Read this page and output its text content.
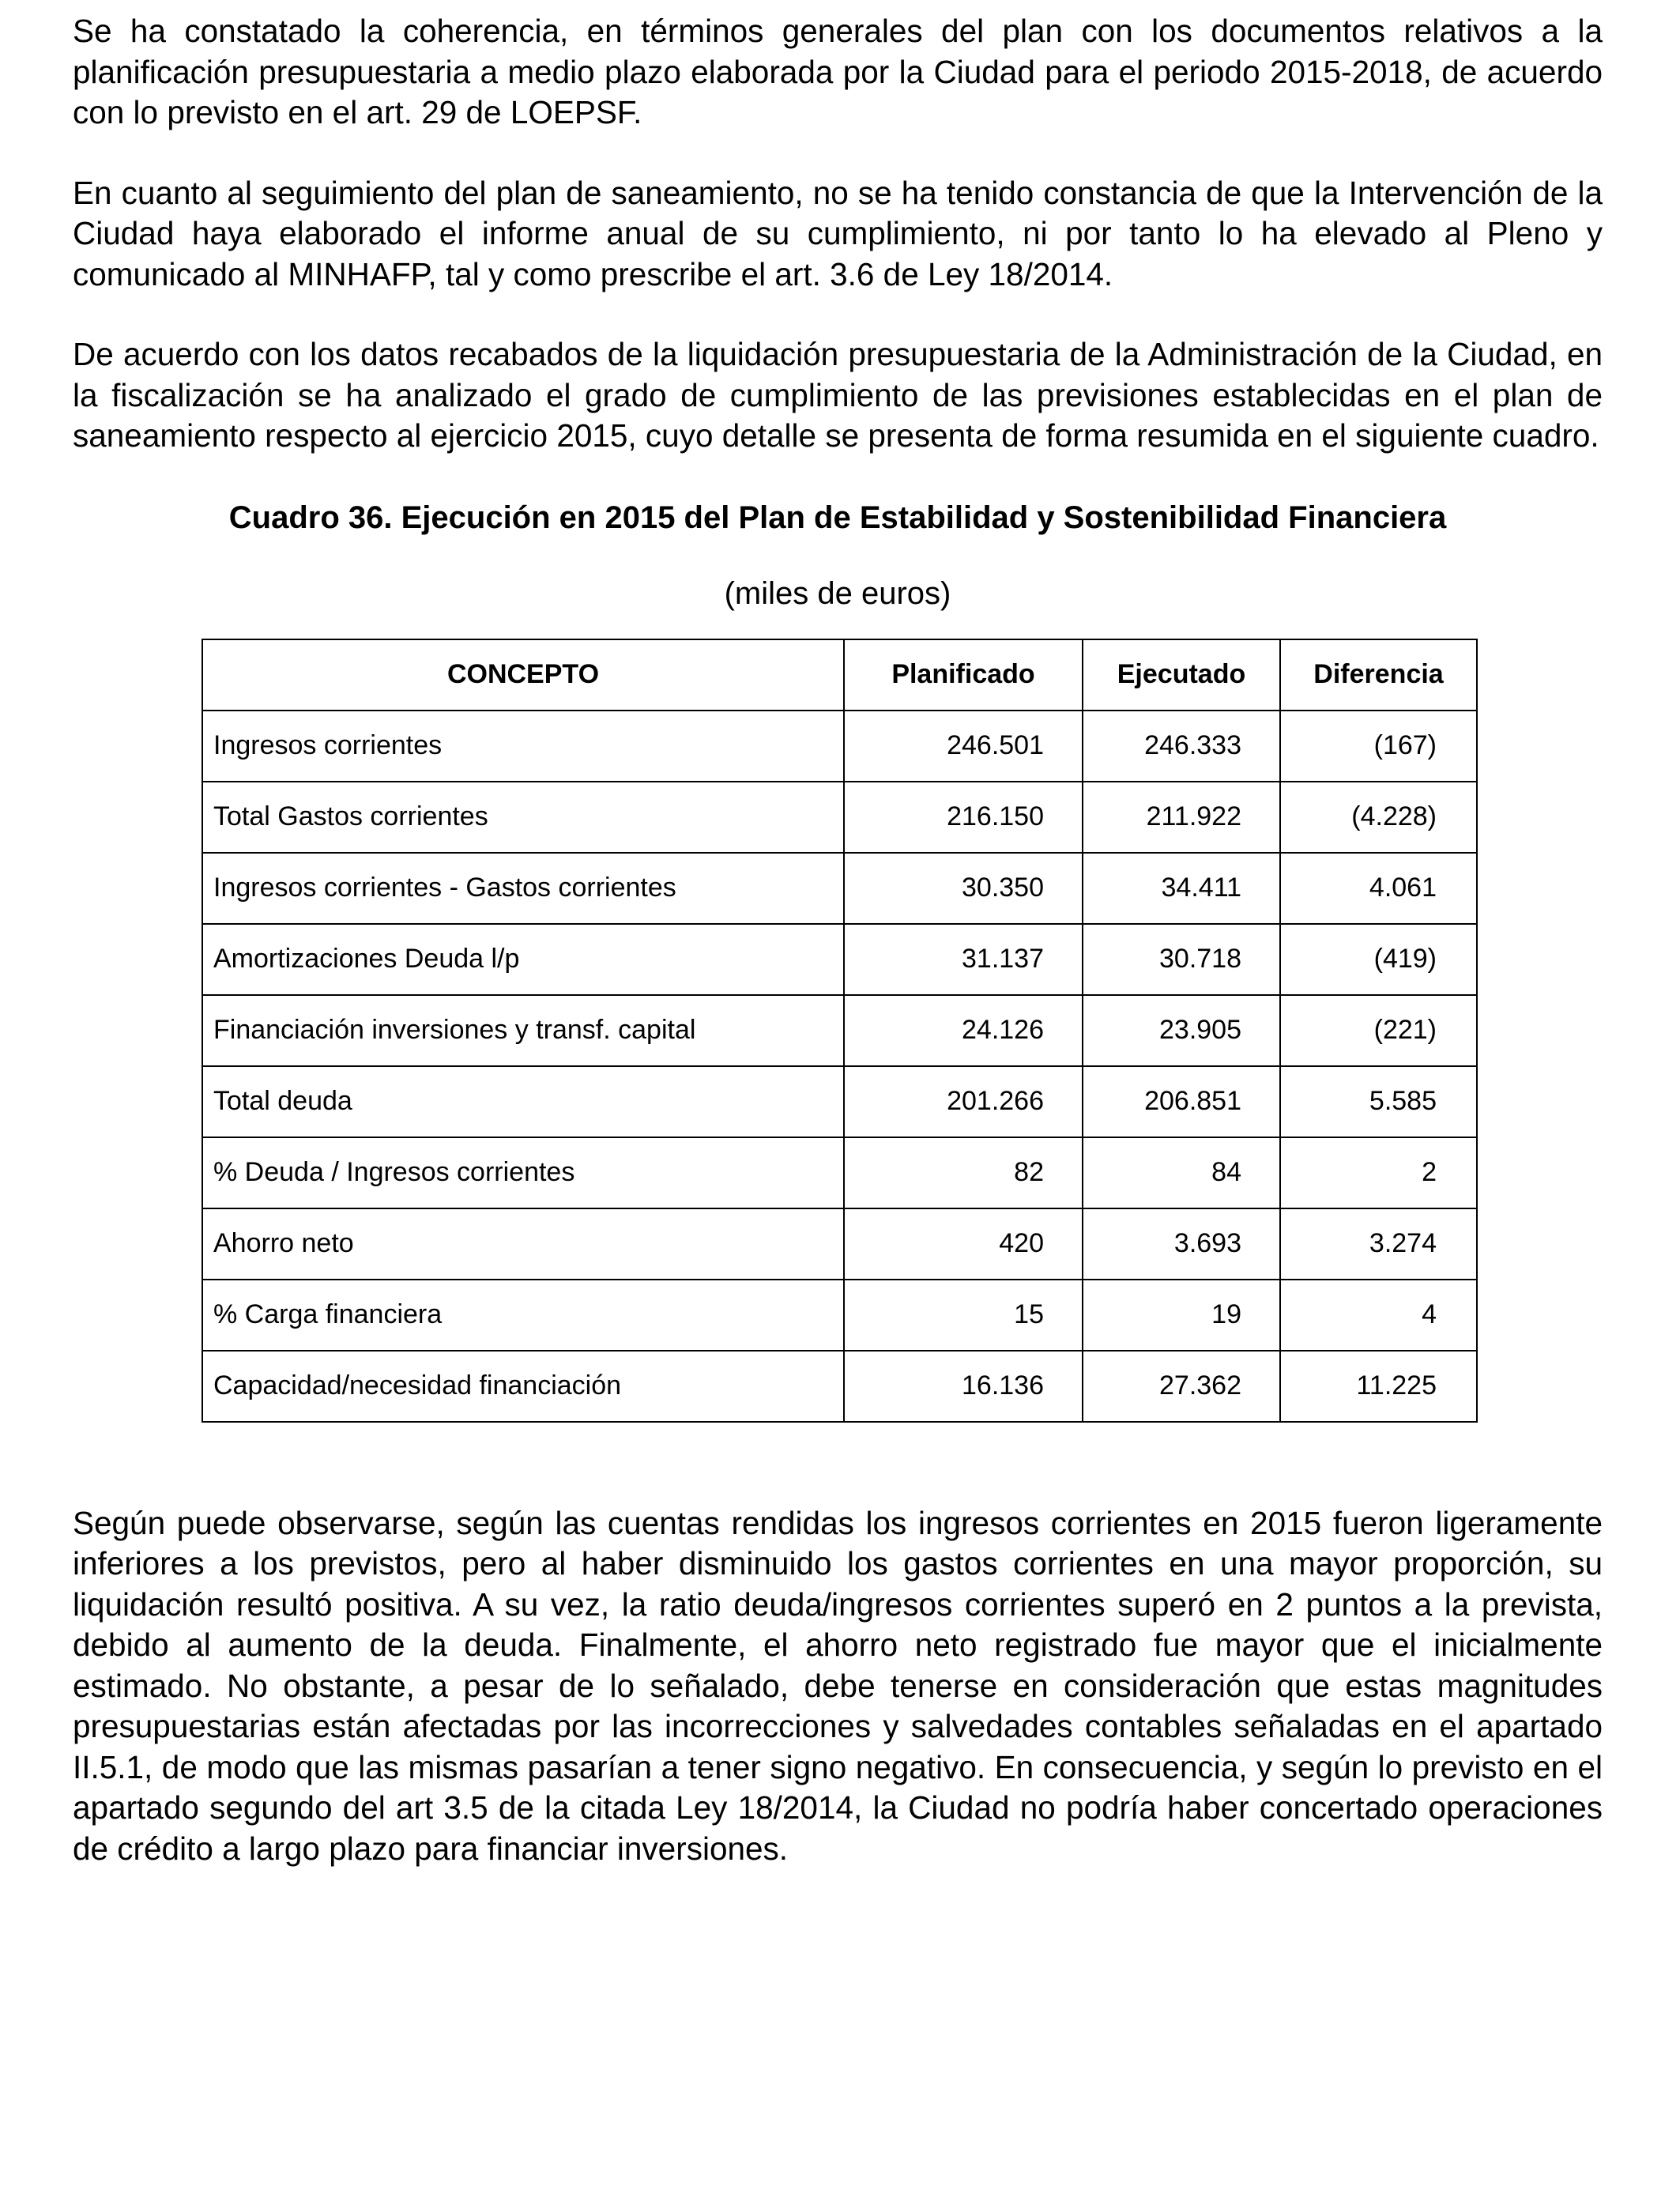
Se ha constatado la coherencia, en términos generales del plan con los documentos relativos a la planificación presupuestaria a medio plazo elaborada por la Ciudad para el periodo 2015-2018, de acuerdo con lo previsto en el art. 29 de LOEPSF.

En cuanto al seguimiento del plan de saneamiento, no se ha tenido constancia de que la Intervención de la Ciudad haya elaborado el informe anual de su cumplimiento, ni por tanto lo ha elevado al Pleno y comunicado al MINHAFP, tal y como prescribe el art. 3.6 de Ley 18/2014.

De acuerdo con los datos recabados de la liquidación presupuestaria de la Administración de la Ciudad, en la fiscalización se ha analizado el grado de cumplimiento de las previsiones establecidas en el plan de saneamiento respecto al ejercicio 2015, cuyo detalle se presenta de forma resumida en el siguiente cuadro.

Cuadro 36. Ejecución en 2015 del Plan de Estabilidad y Sostenibilidad Financiera
(miles de euros)
CONCEPTO	Planificado	Ejecutado	Diferencia
Ingresos corrientes	246.501	246.333	(167)
Total Gastos corrientes	216.150	211.922	(4.228)
Ingresos corrientes - Gastos corrientes	30.350	34.411	4.061
Amortizaciones Deuda l/p	31.137	30.718	(419)
Financiación inversiones y transf. capital	24.126	23.905	(221)
Total deuda	201.266	206.851	5.585
% Deuda / Ingresos corrientes	82	84	2
Ahorro neto	420	3.693	3.274
% Carga financiera	15	19	4
Capacidad/necesidad financiación	16.136	27.362	11.225

Según puede observarse, según las cuentas rendidas los ingresos corrientes en 2015 fueron ligeramente inferiores a los previstos, pero al haber disminuido los gastos corrientes en una mayor proporción, su liquidación resultó positiva. A su vez, la ratio deuda/ingresos corrientes superó en 2 puntos a la prevista, debido al aumento de la deuda. Finalmente, el ahorro neto registrado fue mayor que el inicialmente estimado. No obstante, a pesar de lo señalado, debe tenerse en consideración que estas magnitudes presupuestarias están afectadas por las incorrecciones y salvedades contables señaladas en el apartado II.5.1, de modo que las mismas pasarían a tener signo negativo. En consecuencia, y según lo previsto en el apartado segundo del art 3.5 de la citada Ley 18/2014, la Ciudad no podría haber concertado operaciones de crédito a largo plazo para financiar inversiones.
